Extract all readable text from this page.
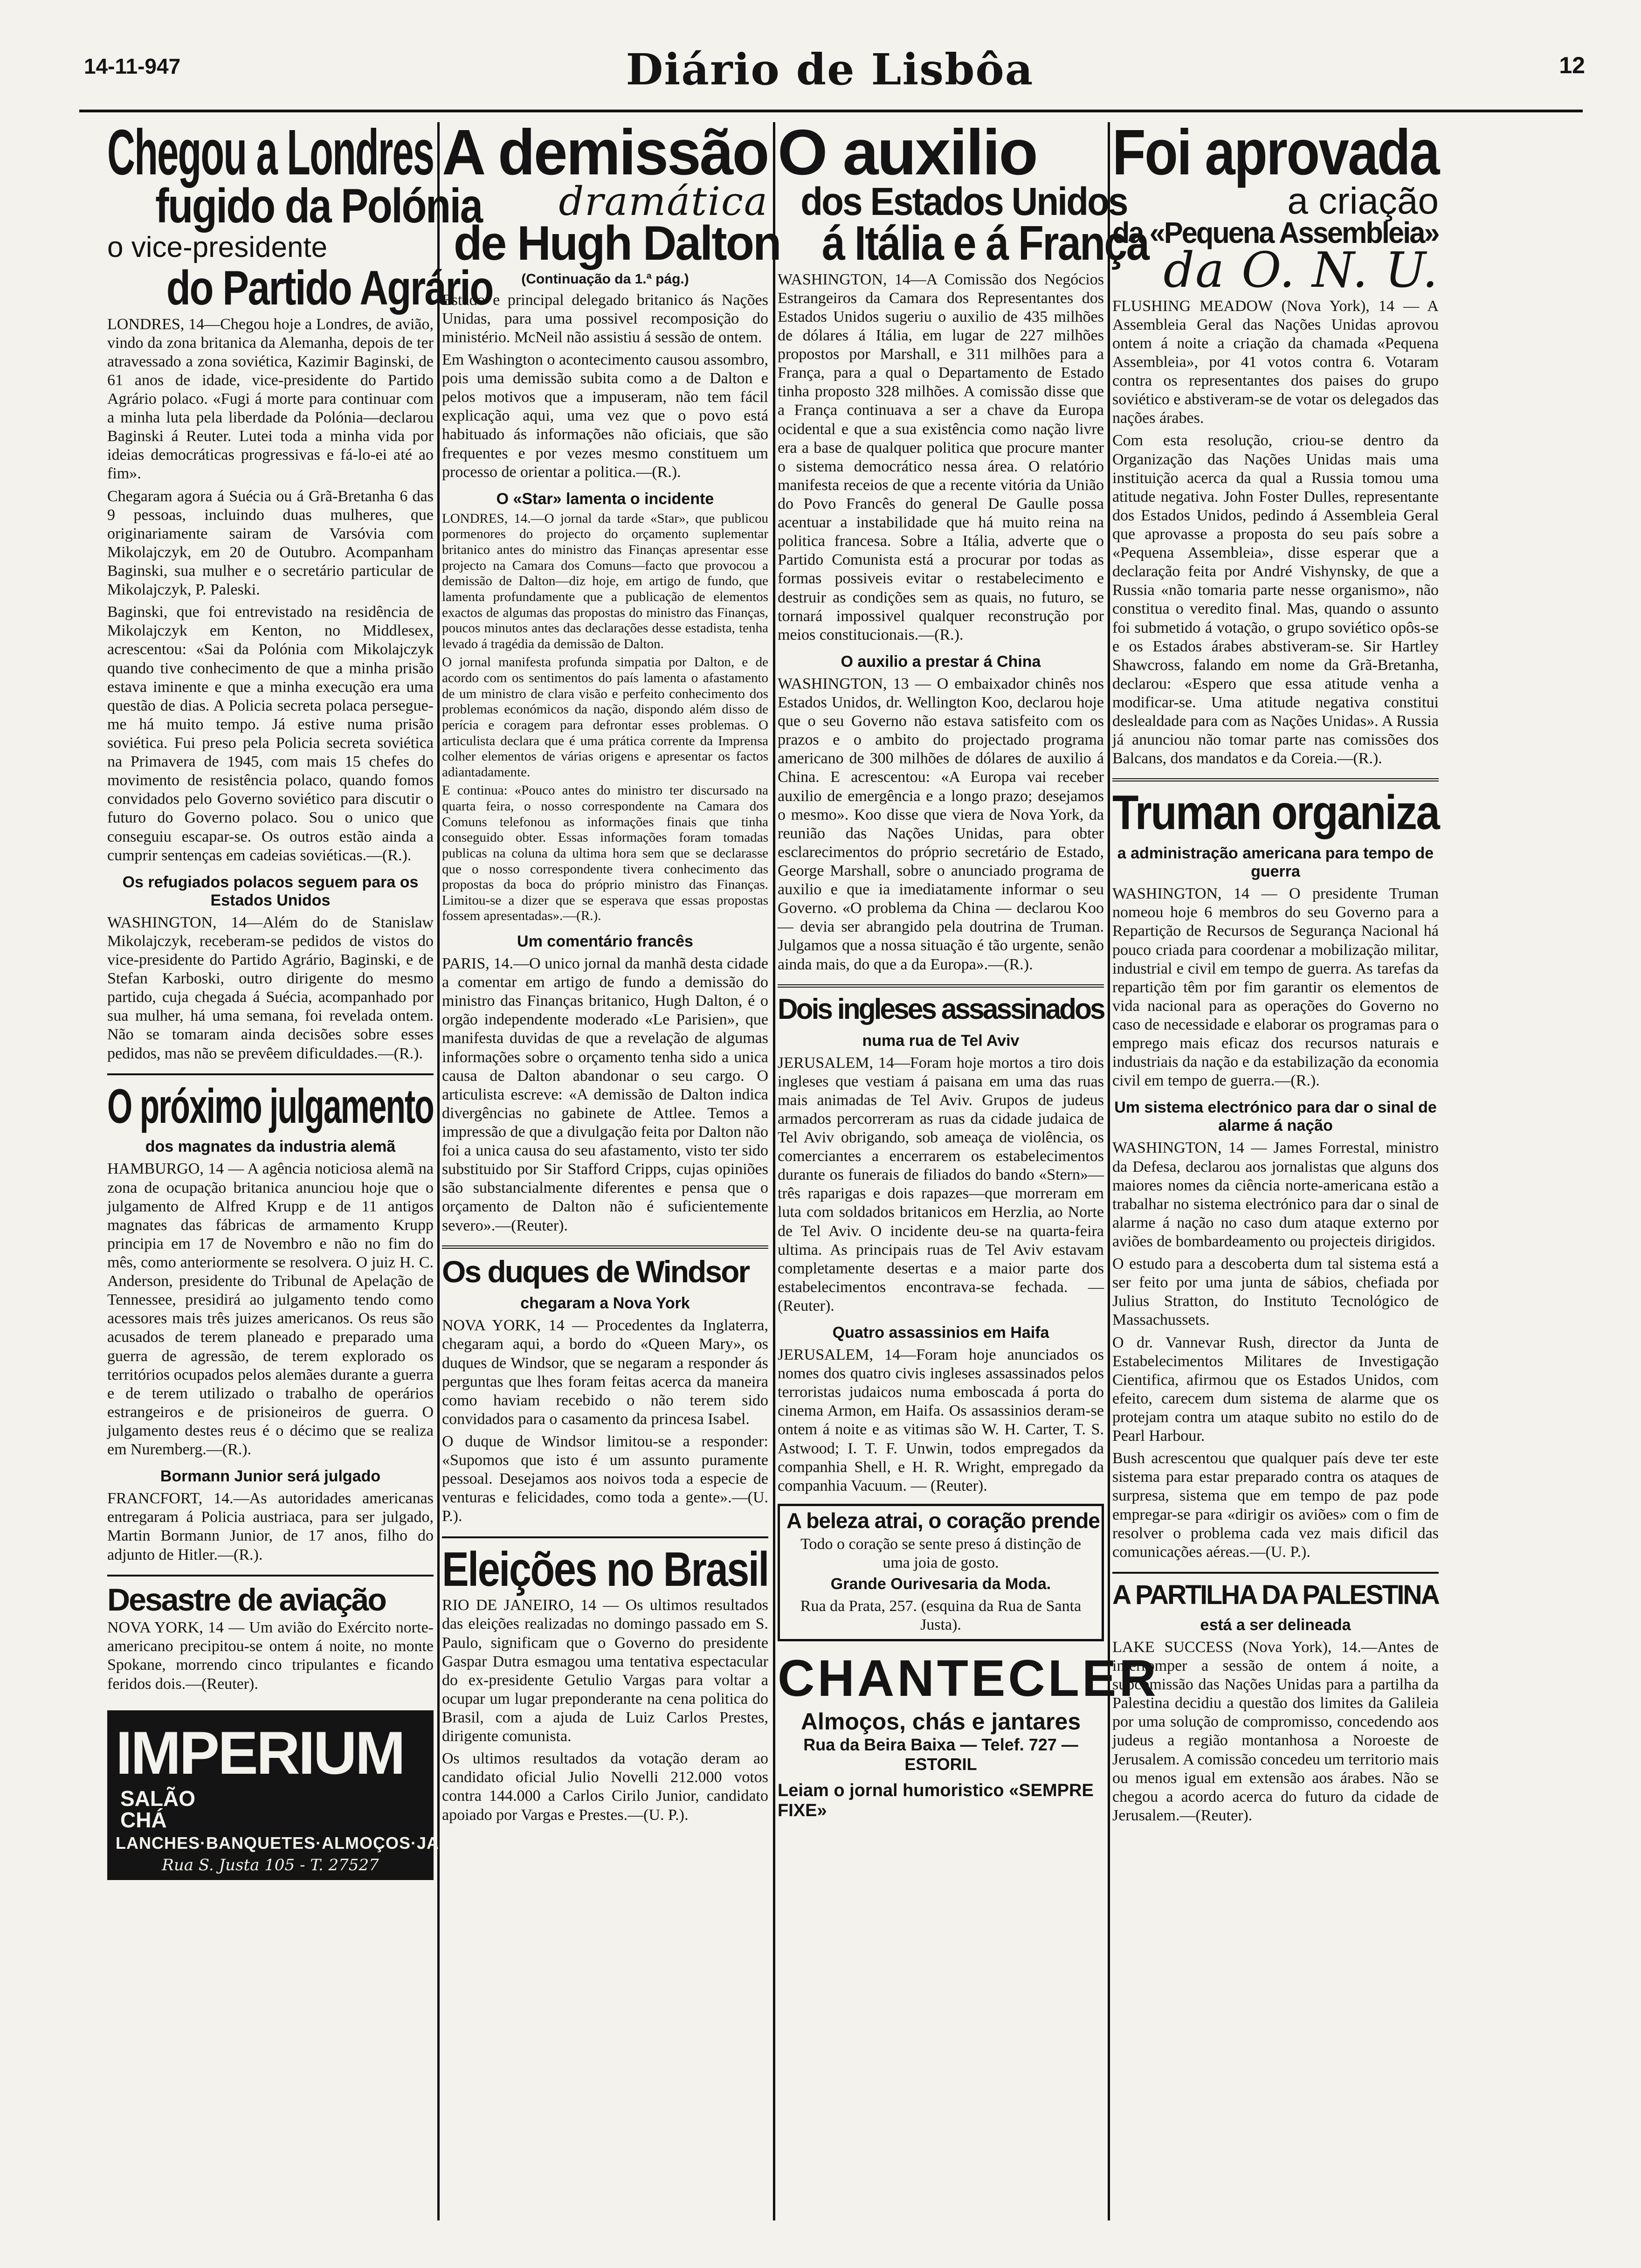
14-11-947	Diário de Lisbôa	12
Chegou a Londres
fugido da Polónia
o vice-presidente
do Partido Agrário

LONDRES, 14—Chegou hoje a Londres, de avião, vindo da zona britanica da Alemanha, depois de ter atravessado a zona soviética, Kazimir Baginski, de 61 anos de idade, vice-presidente do Partido Agrário polaco. «Fugi á morte para continuar com a minha luta pela liberdade da Polónia—declarou Baginski á Reuter. Lutei toda a minha vida por ideias democráticas progressivas e fá-lo-ei até ao fim».

Chegaram agora á Suécia ou á Grã-Bretanha 6 das 9 pessoas, incluindo duas mulheres, que originariamente sairam de Varsóvia com Mikolajczyk, em 20 de Outubro. Acompanham Baginski, sua mulher e o secretário particular de Mikolajczyk, P. Paleski.

Baginski, que foi entrevistado na residência de Mikolajczyk em Kenton, no Middlesex, acrescentou: «Sai da Polónia com Mikolajczyk quando tive conhecimento de que a minha prisão estava iminente e que a minha execução era uma questão de dias. A Policia secreta polaca persegue-me há muito tempo. Já estive numa prisão soviética. Fui preso pela Policia secreta soviética na Primavera de 1945, com mais 15 chefes do movimento de resistência polaco, quando fomos convidados pelo Governo soviético para discutir o futuro do Governo polaco. Sou o unico que conseguiu escapar-se. Os outros estão ainda a cumprir sentenças em cadeias soviéticas.—(R.).

Os refugiados polacos seguem para os Estados Unidos

WASHINGTON, 14—Além do de Stanislaw Mikolajczyk, receberam-se pedidos de vistos do vice-presidente do Partido Agrário, Baginski, e de Stefan Karboski, outro dirigente do mesmo partido, cuja chegada á Suécia, acompanhado por sua mulher, há uma semana, foi revelada ontem. Não se tomaram ainda decisões sobre esses pedidos, mas não se prevêem dificuldades.—(R.).

O próximo julgamento
dos magnates da industria alemã

HAMBURGO, 14 — A agência noticiosa alemã na zona de ocupação britanica anunciou hoje que o julgamento de Alfred Krupp e de 11 antigos magnates das fábricas de armamento Krupp principia em 17 de Novembro e não no fim do mês, como anteriormente se resolvera. O juiz H. C. Anderson, presidente do Tribunal de Apelação de Tennessee, presidirá ao julgamento tendo como acessores mais três juizes americanos. Os reus são acusados de terem planeado e preparado uma guerra de agressão, de terem explorado os territórios ocupados pelos alemães durante a guerra e de terem utilizado o trabalho de operários estrangeiros e de prisioneiros de guerra. O julgamento destes reus é o décimo que se realiza em Nuremberg.—(R.).

Bormann Junior será julgado

FRANCFORT, 14.—As autoridades americanas entregaram á Policia austriaca, para ser julgado, Martin Bormann Junior, de 17 anos, filho do adjunto de Hitler.—(R.).

Desastre de aviação

NOVA YORK, 14 — Um avião do Exército norte-americano precipitou-se ontem á noite, no monte Spokane, morrendo cinco tripulantes e ficando feridos dois.—(Reuter).

IMPERIUM SALÃO
CHÁ
LANCHES·BANQUETES·ALMOÇOS·JANTARES
Rua S. Justa 105 - T. 27527
A demissão
dramática
de Hugh Dalton
(Continuação da 1.ª pág.)

Estado e principal delegado britanico ás Nações Unidas, para uma possivel recomposição do ministério. McNeil não assistiu á sessão de ontem.

Em Washington o acontecimento causou assombro, pois uma demissão subita como a de Dalton e pelos motivos que a impuseram, não tem fácil explicação aqui, uma vez que o povo está habituado ás informações não oficiais, que são frequentes e por vezes mesmo constituem um processo de orientar a politica.—(R.).

O «Star» lamenta o incidente

LONDRES, 14.—O jornal da tarde «Star», que publicou pormenores do projecto do orçamento suplementar britanico antes do ministro das Finanças apresentar esse projecto na Camara dos Comuns—facto que provocou a demissão de Dalton—diz hoje, em artigo de fundo, que lamenta profundamente que a publicação de elementos exactos de algumas das propostas do ministro das Finanças, poucos minutos antes das declarações desse estadista, tenha levado á tragédia da demissão de Dalton.

O jornal manifesta profunda simpatia por Dalton, e de acordo com os sentimentos do país lamenta o afastamento de um ministro de clara visão e perfeito conhecimento dos problemas económicos da nação, dispondo além disso de perícia e coragem para defrontar esses problemas. O articulista declara que é uma prática corrente da Imprensa colher elementos de várias origens e apresentar os factos adiantadamente.

E continua: «Pouco antes do ministro ter discursado na quarta feira, o nosso correspondente na Camara dos Comuns telefonou as informações finais que tinha conseguido obter. Essas informações foram tomadas publicas na coluna da ultima hora sem que se declarasse que o nosso correspondente tivera conhecimento das propostas da boca do próprio ministro das Finanças. Limitou-se a dizer que se esperava que essas propostas fossem apresentadas».—(R.).

Um comentário francês

PARIS, 14.—O unico jornal da manhã desta cidade a comentar em artigo de fundo a demissão do ministro das Finanças britanico, Hugh Dalton, é o orgão independente moderado «Le Parisien», que manifesta duvidas de que a revelação de algumas informações sobre o orçamento tenha sido a unica causa de Dalton abandonar o seu cargo. O articulista escreve: «A demissão de Dalton indica divergências no gabinete de Attlee. Temos a impressão de que a divulgação feita por Dalton não foi a unica causa do seu afastamento, visto ter sido substituido por Sir Stafford Cripps, cujas opiniões são substancialmente diferentes e pensa que o orçamento de Dalton não é suficientemente severo».—(Reuter).

Os duques de Windsor
chegaram a Nova York

NOVA YORK, 14 — Procedentes da Inglaterra, chegaram aqui, a bordo do «Queen Mary», os duques de Windsor, que se negaram a responder ás perguntas que lhes foram feitas acerca da maneira como haviam recebido o não terem sido convidados para o casamento da princesa Isabel.

O duque de Windsor limitou-se a responder: «Supomos que isto é um assunto puramente pessoal. Desejamos aos noivos toda a especie de venturas e felicidades, como toda a gente».—(U. P.).

Eleições no Brasil

RIO DE JANEIRO, 14 — Os ultimos resultados das eleições realizadas no domingo passado em S. Paulo, significam que o Governo do presidente Gaspar Dutra esmagou uma tentativa espectacular do ex-presidente Getulio Vargas para voltar a ocupar um lugar preponderante na cena politica do Brasil, com a ajuda de Luiz Carlos Prestes, dirigente comunista.

Os ultimos resultados da votação deram ao candidato oficial Julio Novelli 212.000 votos contra 144.000 a Carlos Cirilo Junior, candidato apoiado por Vargas e Prestes.—(U. P.).

O auxilio
dos Estados Unidos
á Itália e á França

WASHINGTON, 14—A Comissão dos Negócios Estrangeiros da Camara dos Representantes dos Estados Unidos sugeriu o auxilio de 435 milhões de dólares á Itália, em lugar de 227 milhões propostos por Marshall, e 311 milhões para a França, para a qual o Departamento de Estado tinha proposto 328 milhões. A comissão disse que a França continuava a ser a chave da Europa ocidental e que a sua existência como nação livre era a base de qualquer politica que procure manter o sistema democrático nessa área. O relatório manifesta receios de que a recente vitória da União do Povo Francês do general De Gaulle possa acentuar a instabilidade que há muito reina na politica francesa. Sobre a Itália, adverte que o Partido Comunista está a procurar por todas as formas possiveis evitar o restabelecimento e destruir as condições sem as quais, no futuro, se tornará impossivel qualquer reconstrução por meios constitucionais.—(R.).

O auxilio a prestar á China

WASHINGTON, 13 — O embaixador chinês nos Estados Unidos, dr. Wellington Koo, declarou hoje que o seu Governo não estava satisfeito com os prazos e o ambito do projectado programa americano de 300 milhões de dólares de auxilio á China. E acrescentou: «A Europa vai receber auxilio de emergência e a longo prazo; desejamos o mesmo». Koo disse que viera de Nova York, da reunião das Nações Unidas, para obter esclarecimentos do próprio secretário de Estado, George Marshall, sobre o anunciado programa de auxilio e que ia imediatamente informar o seu Governo. «O problema da China — declarou Koo — devia ser abrangido pela doutrina de Truman. Julgamos que a nossa situação é tão urgente, senão ainda mais, do que a da Europa».—(R.).

Dois ingleses assassinados
numa rua de Tel Aviv

JERUSALEM, 14—Foram hoje mortos a tiro dois ingleses que vestiam á paisana em uma das ruas mais animadas de Tel Aviv. Grupos de judeus armados percorreram as ruas da cidade judaica de Tel Aviv obrigando, sob ameaça de violência, os comerciantes a encerrarem os estabelecimentos durante os funerais de filiados do bando «Stern»—três raparigas e dois rapazes—que morreram em luta com soldados britanicos em Herzlia, ao Norte de Tel Aviv. O incidente deu-se na quarta-feira ultima. As principais ruas de Tel Aviv estavam completamente desertas e a maior parte dos estabelecimentos encontrava-se fechada. — (Reuter).

Quatro assassinios em Haifa

JERUSALEM, 14—Foram hoje anunciados os nomes dos quatro civis ingleses assassinados pelos terroristas judaicos numa emboscada á porta do cinema Armon, em Haifa. Os assassinios deram-se ontem á noite e as vitimas são W. H. Carter, T. S. Astwood; I. T. F. Unwin, todos empregados da companhia Shell, e H. R. Wright, empregado da companhia Vacuum. — (Reuter).

A beleza atrai, o coração prende

Todo o coração se sente preso á distinção de uma joia de gosto.

Grande Ourivesaria da Moda.

Rua da Prata, 257. (esquina da Rua de Santa Justa).

CHANTECLER
Almoços, chás e jantares
Rua da Beira Baixa — Telef. 727 — ESTORIL
Leiam o jornal humoristico «SEMPRE FIXE»
Foi aprovada
a criação
da «Pequena Assembleia»
da O. N. U.

FLUSHING MEADOW (Nova York), 14 — A Assembleia Geral das Nações Unidas aprovou ontem á noite a criação da chamada «Pequena Assembleia», por 41 votos contra 6. Votaram contra os representantes dos paises do grupo soviético e abstiveram-se de votar os delegados das nações árabes.

Com esta resolução, criou-se dentro da Organização das Nações Unidas mais uma instituição acerca da qual a Russia tomou uma atitude negativa. John Foster Dulles, representante dos Estados Unidos, pedindo á Assembleia Geral que aprovasse a proposta do seu país sobre a «Pequena Assembleia», disse esperar que a declaração feita por André Vishynsky, de que a Russia «não tomaria parte nesse organismo», não constitua o veredito final. Mas, quando o assunto foi submetido á votação, o grupo soviético opôs-se e os Estados árabes abstiveram-se. Sir Hartley Shawcross, falando em nome da Grã-Bretanha, declarou: «Espero que essa atitude venha a modificar-se. Uma atitude negativa constitui deslealdade para com as Nações Unidas». A Russia já anunciou não tomar parte nas comissões dos Balcans, dos mandatos e da Coreia.—(R.).

Truman organiza
a administração americana para tempo de guerra

WASHINGTON, 14 — O presidente Truman nomeou hoje 6 membros do seu Governo para a Repartição de Recursos de Segurança Nacional há pouco criada para coordenar a mobilização militar, industrial e civil em tempo de guerra. As tarefas da repartição têm por fim garantir os elementos de vida nacional para as operações do Governo no caso de necessidade e elaborar os programas para o emprego mais eficaz dos recursos naturais e industriais da nação e da estabilização da economia civil em tempo de guerra.—(R.).

Um sistema electrónico para dar o sinal de alarme á nação

WASHINGTON, 14 — James Forrestal, ministro da Defesa, declarou aos jornalistas que alguns dos maiores nomes da ciência norte-americana estão a trabalhar no sistema electrónico para dar o sinal de alarme á nação no caso dum ataque externo por aviões de bombardeamento ou projecteis dirigidos.

O estudo para a descoberta dum tal sistema está a ser feito por uma junta de sábios, chefiada por Julius Stratton, do Instituto Tecnológico de Massachussets.

O dr. Vannevar Rush, director da Junta de Estabelecimentos Militares de Investigação Cientifica, afirmou que os Estados Unidos, com efeito, carecem dum sistema de alarme que os protejam contra um ataque subito no estilo do de Pearl Harbour.

Bush acrescentou que qualquer país deve ter este sistema para estar preparado contra os ataques de surpresa, sistema que em tempo de paz pode empregar-se para «dirigir os aviões» com o fim de resolver o problema cada vez mais dificil das comunicações aéreas.—(U. P.).

A PARTILHA DA PALESTINA
está a ser delineada

LAKE SUCCESS (Nova York), 14.—Antes de interromper a sessão de ontem á noite, a subcomissão das Nações Unidas para a partilha da Palestina decidiu a questão dos limites da Galileia por uma solução de compromisso, concedendo aos judeus a região montanhosa a Noroeste de Jerusalem. A comissão concedeu um territorio mais ou menos igual em extensão aos árabes. Não se chegou a acordo acerca do futuro da cidade de Jerusalem.—(Reuter).
